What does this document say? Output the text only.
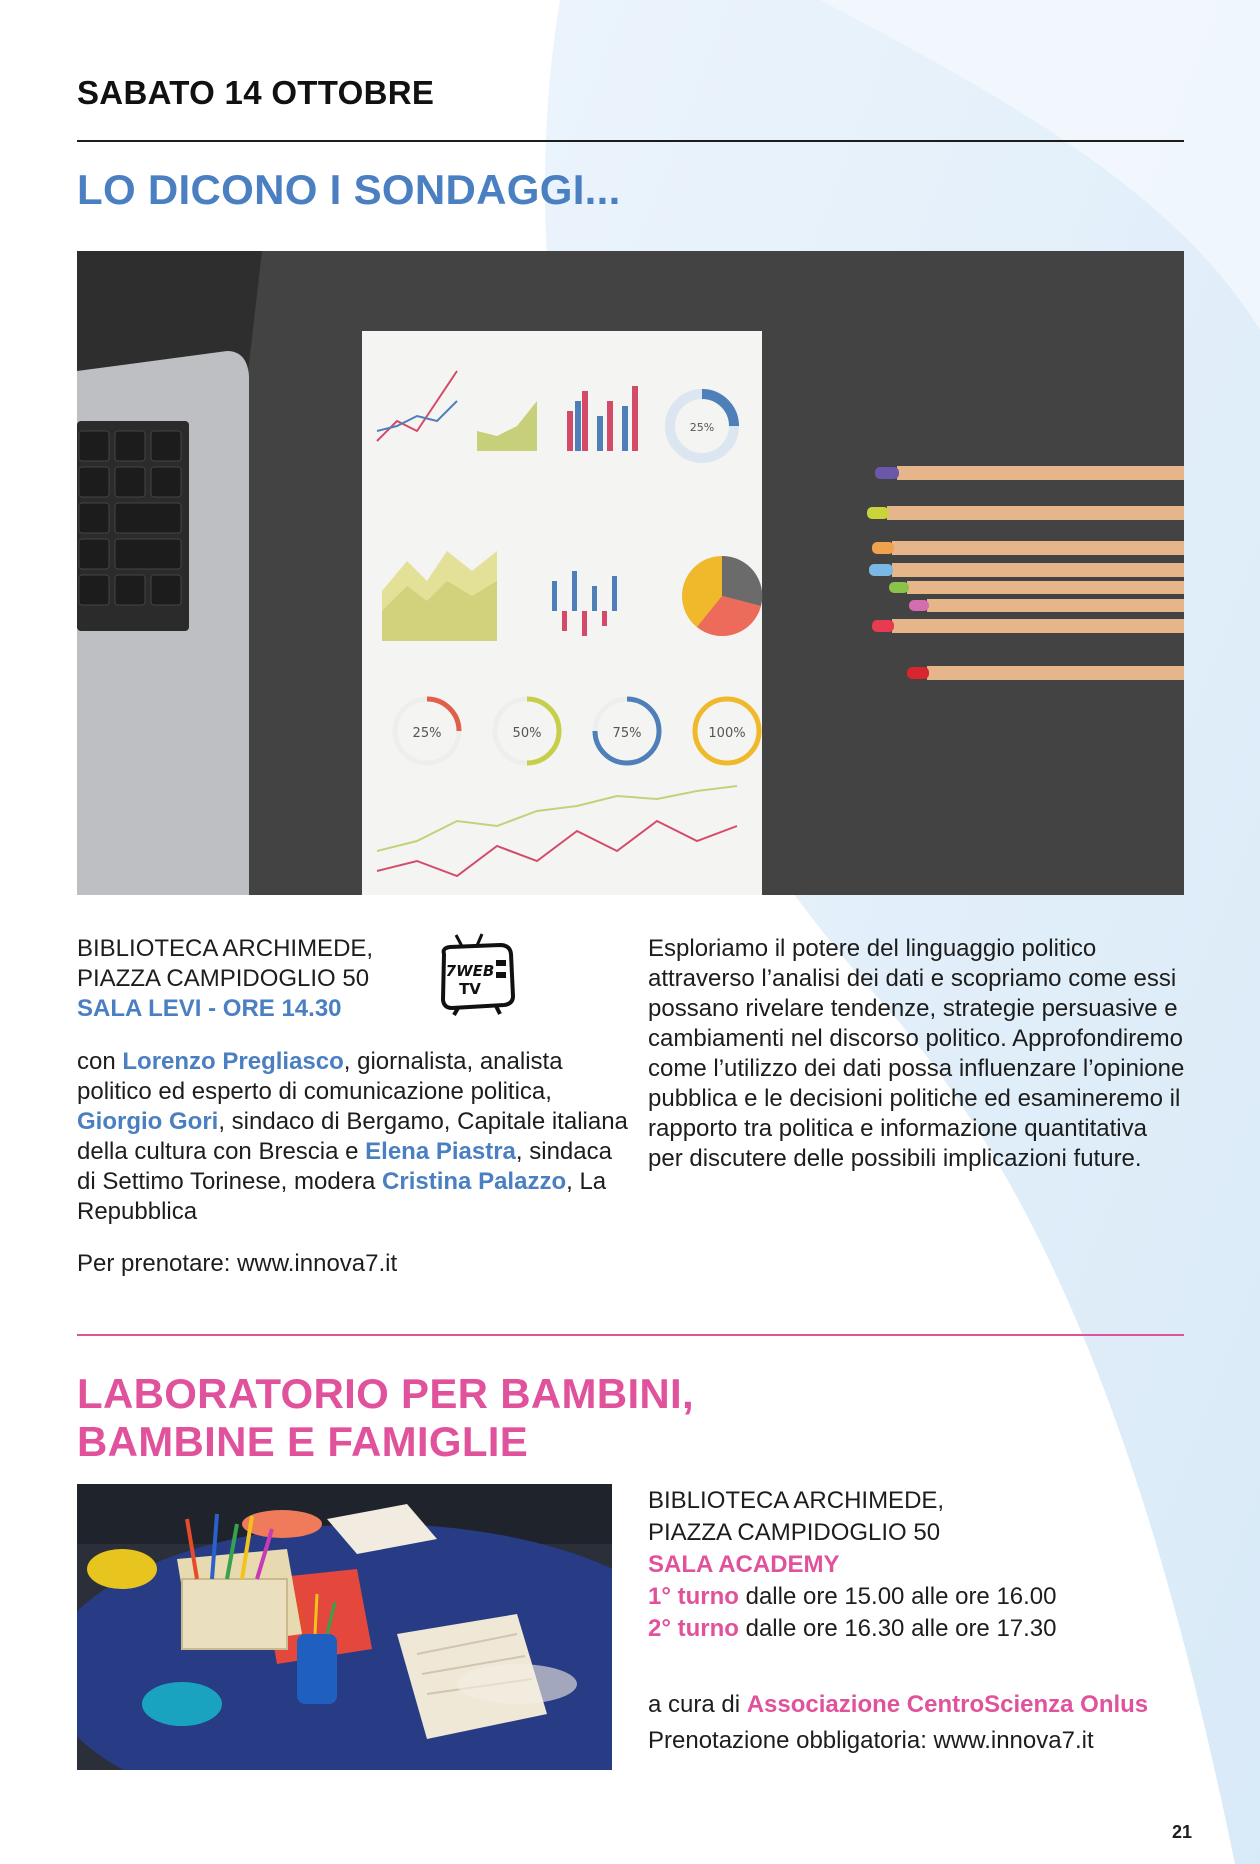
SABATO 14 OTTOBRE
LO DICONO I SONDAGGI...
25%	50%	75%	100%
25%
BIBLIOTECA ARCHIMEDE,
PIAZZA CAMPIDOGLIO 50
SALA LEVI - ORE 14.30
7WEB
TV
con Lorenzo Pregliasco, giornalista, analista politico ed esperto di comunicazione politica, Giorgio Gori, sindaco di Bergamo, Capitale italiana della cultura con Brescia e Elena Piastra, sindaca di Settimo Torinese, modera Cristina Palazzo, La Repubblica
Per prenotare: www.innova7.it
Esploriamo il potere del linguaggio politico attraverso l’analisi dei dati e scopriamo come essi possano rivelare tendenze, strategie persuasive e cambiamenti nel discorso politico. Approfondiremo come l’utilizzo dei dati possa influenzare l’opinione pubblica e le decisioni politiche ed esamineremo il rapporto tra politica e informazione quantitativa per discutere delle possibili implicazioni future.
LABORATORIO PER BAMBINI,
BAMBINE E FAMIGLIE
BIBLIOTECA ARCHIMEDE,
PIAZZA CAMPIDOGLIO 50
SALA ACADEMY
1° turno dalle ore 15.00 alle ore 16.00
2° turno dalle ore 16.30 alle ore 17.30
a cura di Associazione CentroScienza Onlus
Prenotazione obbligatoria: www.innova7.it
21
